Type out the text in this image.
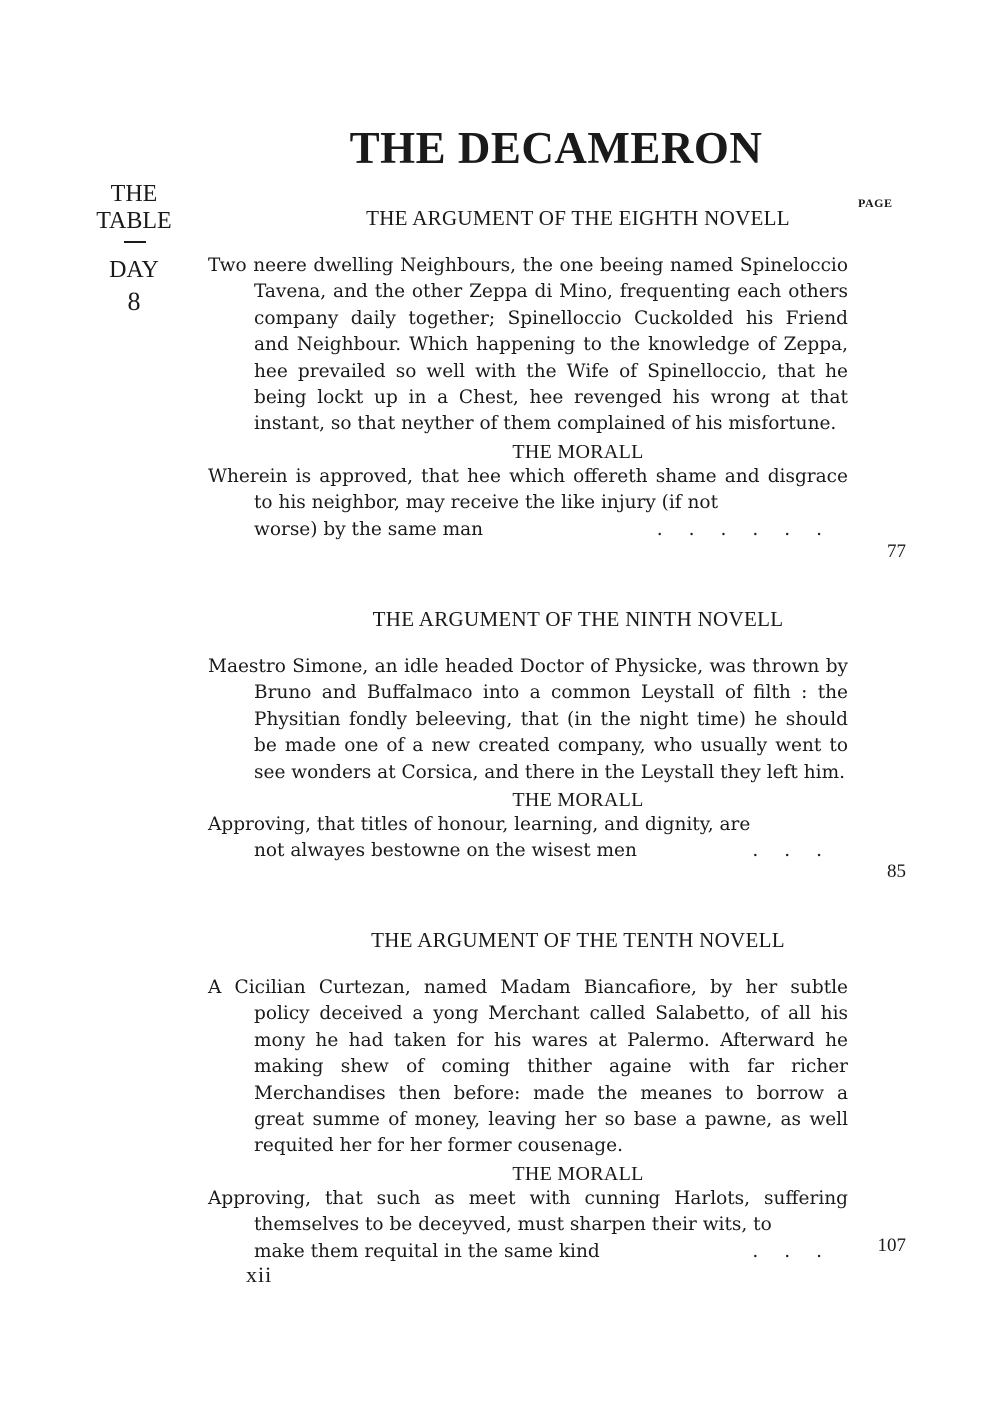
THE DECAMERON
THE
TABLE
DAY
8
PAGE
THE ARGUMENT OF THE EIGHTH NOVELL

Two neere dwelling Neighbours, the one beeing named Spineloccio Tavena, and the other Zeppa di Mino, frequenting each others company daily together; Spinelloccio Cuckolded his Friend and Neighbour. Which happening to the knowledge of Zeppa, hee prevailed so well with the Wife of Spinelloccio, that he being lockt up in a Chest, hee revenged his wrong at that instant, so that neyther of them complained of his misfortune.

THE MORALL

Wherein is approved, that hee which offereth shame and disgrace to his neighbor, may receive the like injury (if not

worse) by the same man	......
77
THE ARGUMENT OF THE NINTH NOVELL

Maestro Simone, an idle headed Doctor of Physicke, was thrown by Bruno and Buffalmaco into a common Leystall of filth : the Physitian fondly beleeving, that (in the night time) he should be made one of a new created company, who usually went to see wonders at Corsica, and there in the Leystall they left him.

THE MORALL

Approving, that titles of honour, learning, and dignity, are

not alwayes bestowne on the wisest men	...
85
THE ARGUMENT OF THE TENTH NOVELL

A Cicilian Curtezan, named Madam Biancafiore, by her subtle policy deceived a yong Merchant called Salabetto, of all his mony he had taken for his wares at Palermo. Afterward he making shew of coming thither againe with far richer Merchandises then before: made the meanes to borrow a great summe of money, leaving her so base a pawne, as well requited her for her former cousenage.

THE MORALL

Approving, that such as meet with cunning Harlots, suffering themselves to be deceyved, must sharpen their wits, to

make them requital in the same kind	...	107
xii
